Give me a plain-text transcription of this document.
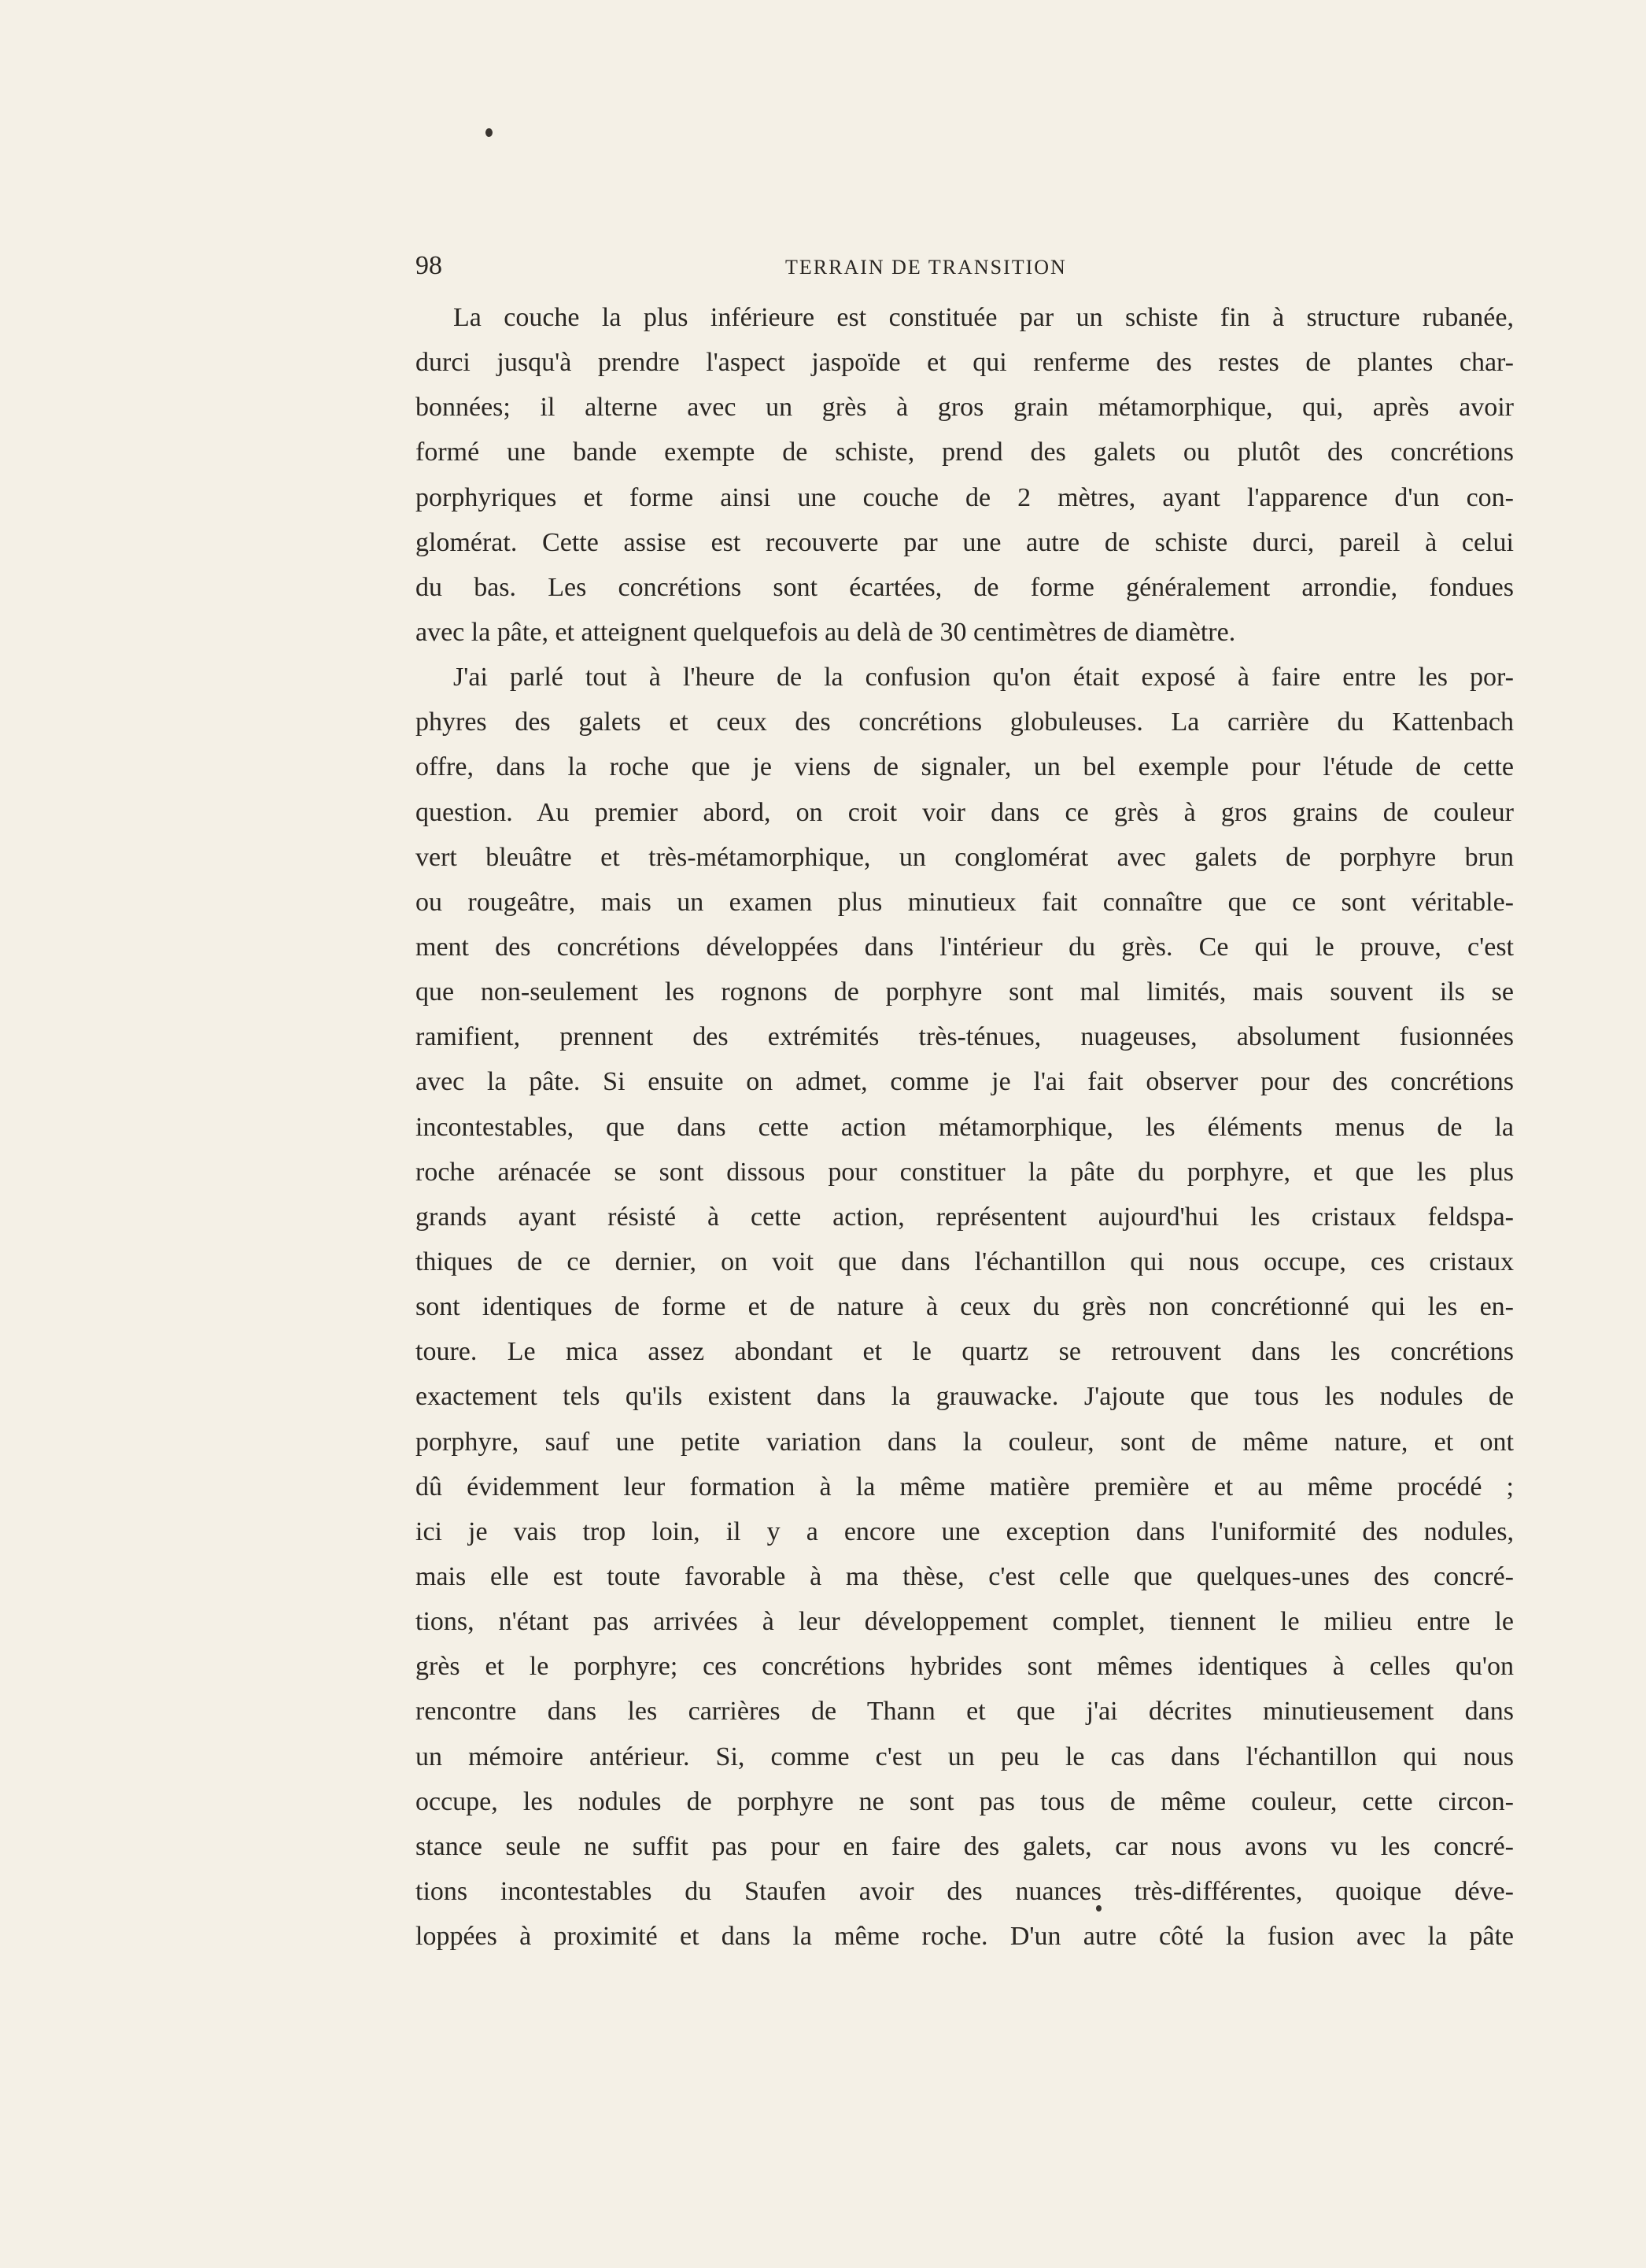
98	TERRAIN DE TRANSITION
La couche la plus inférieure est constituée par un schiste fin à structure rubanée,
durci jusqu'à prendre l'aspect jaspoïde et qui renferme des restes de plantes char-
bonnées; il alterne avec un grès à gros grain métamorphique, qui, après avoir
formé une bande exempte de schiste, prend des galets ou plutôt des concrétions
porphyriques et forme ainsi une couche de 2 mètres, ayant l'apparence d'un con-
glomérat. Cette assise est recouverte par une autre de schiste durci, pareil à celui
du bas. Les concrétions sont écartées, de forme généralement arrondie, fondues
avec la pâte, et atteignent quelquefois au delà de 30 centimètres de diamètre.
J'ai parlé tout à l'heure de la confusion qu'on était exposé à faire entre les por-
phyres des galets et ceux des concrétions globuleuses. La carrière du Kattenbach
offre, dans la roche que je viens de signaler, un bel exemple pour l'étude de cette
question. Au premier abord, on croit voir dans ce grès à gros grains de couleur
vert bleuâtre et très-métamorphique, un conglomérat avec galets de porphyre brun
ou rougeâtre, mais un examen plus minutieux fait connaître que ce sont véritable-
ment des concrétions développées dans l'intérieur du grès. Ce qui le prouve, c'est
que non-seulement les rognons de porphyre sont mal limités, mais souvent ils se
ramifient, prennent des extrémités très-ténues, nuageuses, absolument fusionnées
avec la pâte. Si ensuite on admet, comme je l'ai fait observer pour des concrétions
incontestables, que dans cette action métamorphique, les éléments menus de la
roche arénacée se sont dissous pour constituer la pâte du porphyre, et que les plus
grands ayant résisté à cette action, représentent aujourd'hui les cristaux feldspa-
thiques de ce dernier, on voit que dans l'échantillon qui nous occupe, ces cristaux
sont identiques de forme et de nature à ceux du grès non concrétionné qui les en-
toure. Le mica assez abondant et le quartz se retrouvent dans les concrétions
exactement tels qu'ils existent dans la grauwacke. J'ajoute que tous les nodules de
porphyre, sauf une petite variation dans la couleur, sont de même nature, et ont
dû évidemment leur formation à la même matière première et au même procédé ;
ici je vais trop loin, il y a encore une exception dans l'uniformité des nodules,
mais elle est toute favorable à ma thèse, c'est celle que quelques-unes des concré-
tions, n'étant pas arrivées à leur développement complet, tiennent le milieu entre le
grès et le porphyre; ces concrétions hybrides sont mêmes identiques à celles qu'on
rencontre dans les carrières de Thann et que j'ai décrites minutieusement dans
un mémoire antérieur. Si, comme c'est un peu le cas dans l'échantillon qui nous
occupe, les nodules de porphyre ne sont pas tous de même couleur, cette circon-
stance seule ne suffit pas pour en faire des galets, car nous avons vu les concré-
tions incontestables du Staufen avoir des nuances très-différentes, quoique déve-
loppées à proximité et dans la même roche. D'un autre côté la fusion avec la pâte
